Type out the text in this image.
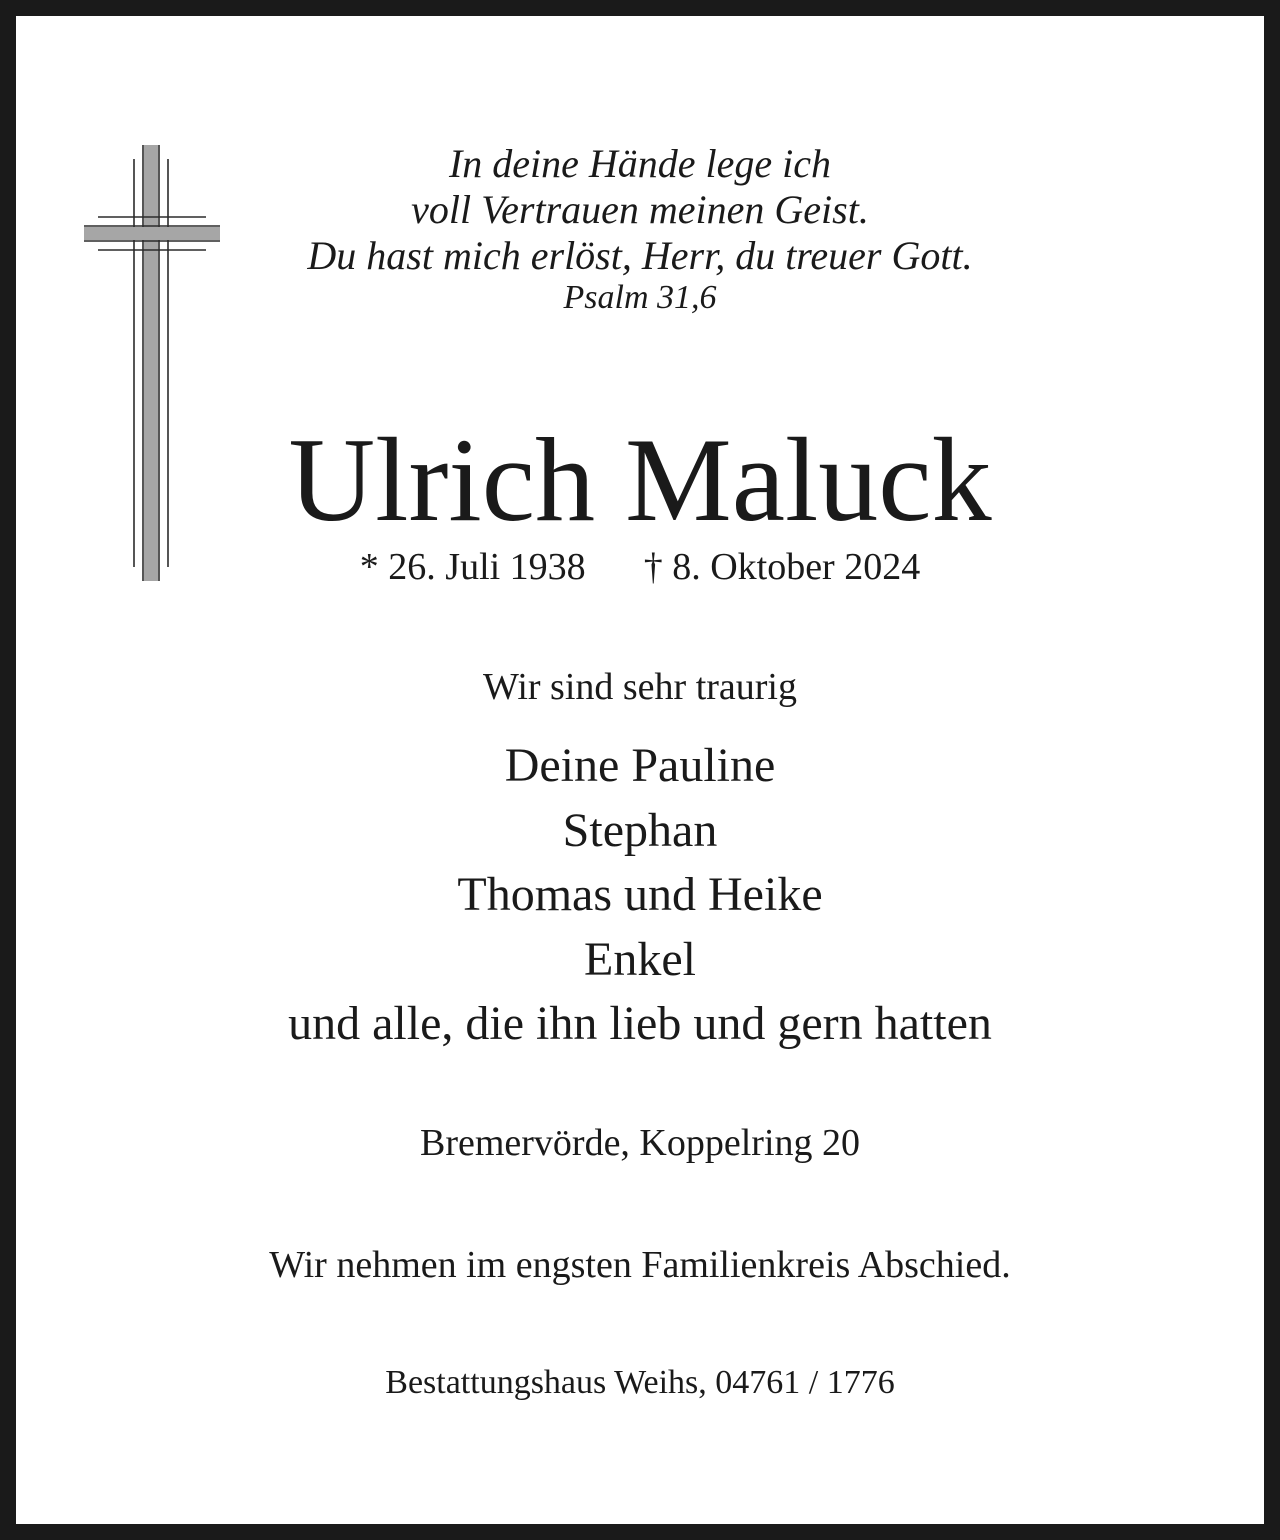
In deine Hände lege ich
voll Vertrauen meinen Geist.
Du hast mich erlöst, Herr, du treuer Gott.
Psalm 31,6
Ulrich Maluck
* 26. Juli 1938 † 8. Oktober 2024
Wir sind sehr traurig
Deine Pauline
Stephan
Thomas und Heike
Enkel
und alle, die ihn lieb und gern hatten
Bremervörde, Koppelring 20
Wir nehmen im engsten Familienkreis Abschied.
Bestattungshaus Weihs, 04761 / 1776
